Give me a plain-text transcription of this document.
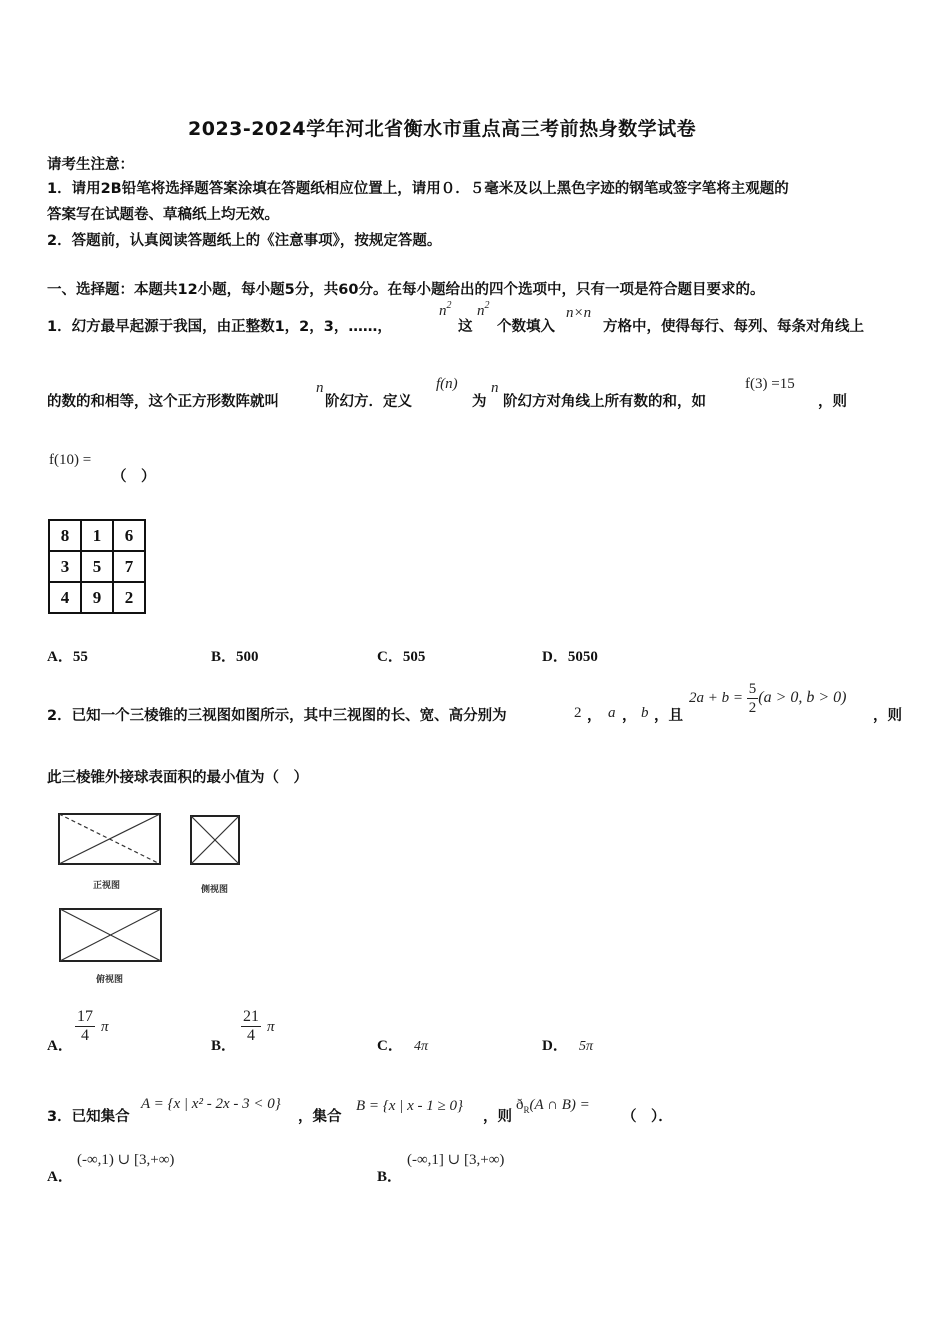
2023-2024学年河北省衡水市重点高三考前热身数学试卷
请考生注意：
1．请用2B铅笔将选择题答案涂填在答题纸相应位置上，请用０．５毫米及以上黑色字迹的钢笔或签字笔将主观题的
答案写在试题卷、草稿纸上均无效。
2．答题前，认真阅读答题纸上的《注意事项》，按规定答题。
一、选择题：本题共12小题，每小题5分，共60分。在每小题给出的四个选项中，只有一项是符合题目要求的。
1．幻方最早起源于我国，由正整数1，2，3，……，
$n^2$
这
$n^2$
个数填入
n×n
方格中，使得每行、每列、每条对角线上
的数的和相等，这个正方形数阵就叫
n
阶幻方．定义
f(n)
为
n
阶幻方对角线上所有数的和，如
f(3) =15
，则
f(10) =
（　）
8	1	6
3	5	7
4	9	2
A．55	B．500	C．505	D．5050
2．已知一个三棱锥的三视图如图所示，其中三视图的长、宽、高分别为	2 ， a ， b ，且
$2a + b = \frac{5}{2} (a > 0$, b > 0)
，则
此三棱锥外接球表面积的最小值为（　）
正视图	侧视图
俯视图
A．
$\frac{17}{4}$ π
B．
$\frac{21}{4}$ π
C． 4π	D． 5π
3．已知集合
A = {x | x² - 2x - 3 < 0}
，集合
B = {x | x - 1 ≥ 0}
，则
$ð_R(A$ ∩ B) =
（　）．
A．
(-∞,1) ∪ [3,+∞)
B．
(-∞,1] ∪ [3,+∞)
